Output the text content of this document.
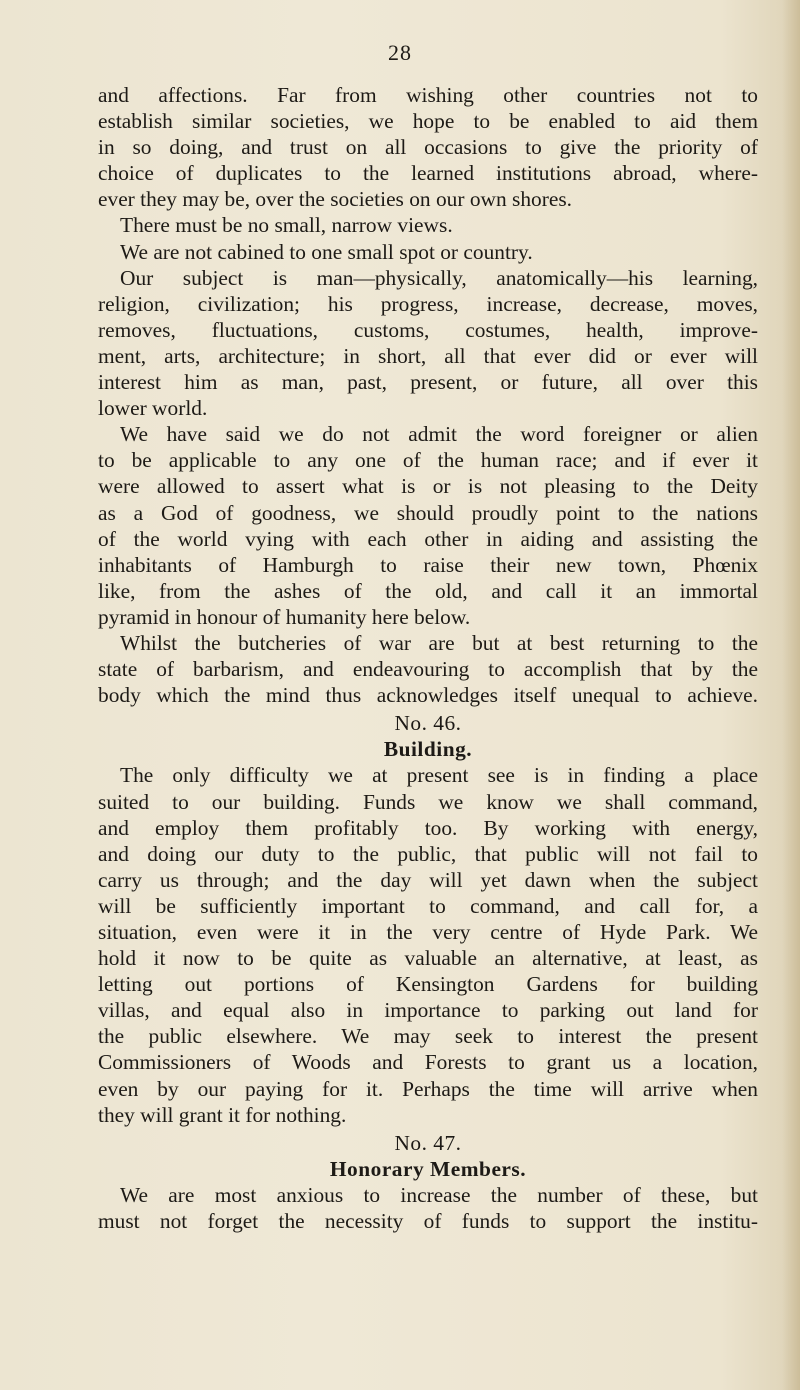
28
and affections. Far from wishing other countries not to
establish similar societies, we hope to be enabled to aid them
in so doing, and trust on all occasions to give the priority of
choice of duplicates to the learned institutions abroad, where-
ever they may be, over the societies on our own shores.
There must be no small, narrow views.
We are not cabined to one small spot or country.
Our subject is man—physically, anatomically—his learning,
religion, civilization; his progress, increase, decrease, moves,
removes, fluctuations, customs, costumes, health, improve-
ment, arts, architecture; in short, all that ever did or ever will
interest him as man, past, present, or future, all over this
lower world.
We have said we do not admit the word foreigner or alien
to be applicable to any one of the human race; and if ever it
were allowed to assert what is or is not pleasing to the Deity
as a God of goodness, we should proudly point to the nations
of the world vying with each other in aiding and assisting the
inhabitants of Hamburgh to raise their new town, Phœnix
like, from the ashes of the old, and call it an immortal
pyramid in honour of humanity here below.
Whilst the butcheries of war are but at best returning to the
state of barbarism, and endeavouring to accomplish that by the
body which the mind thus acknowledges itself unequal to achieve.
No. 46.
Building.
The only difficulty we at present see is in finding a place
suited to our building. Funds we know we shall command,
and employ them profitably too. By working with energy,
and doing our duty to the public, that public will not fail to
carry us through; and the day will yet dawn when the subject
will be sufficiently important to command, and call for, a
situation, even were it in the very centre of Hyde Park. We
hold it now to be quite as valuable an alternative, at least, as
letting out portions of Kensington Gardens for building
villas, and equal also in importance to parking out land for
the public elsewhere. We may seek to interest the present
Commissioners of Woods and Forests to grant us a location,
even by our paying for it. Perhaps the time will arrive when
they will grant it for nothing.
No. 47.
Honorary Members.
We are most anxious to increase the number of these, but
must not forget the necessity of funds to support the institu-
